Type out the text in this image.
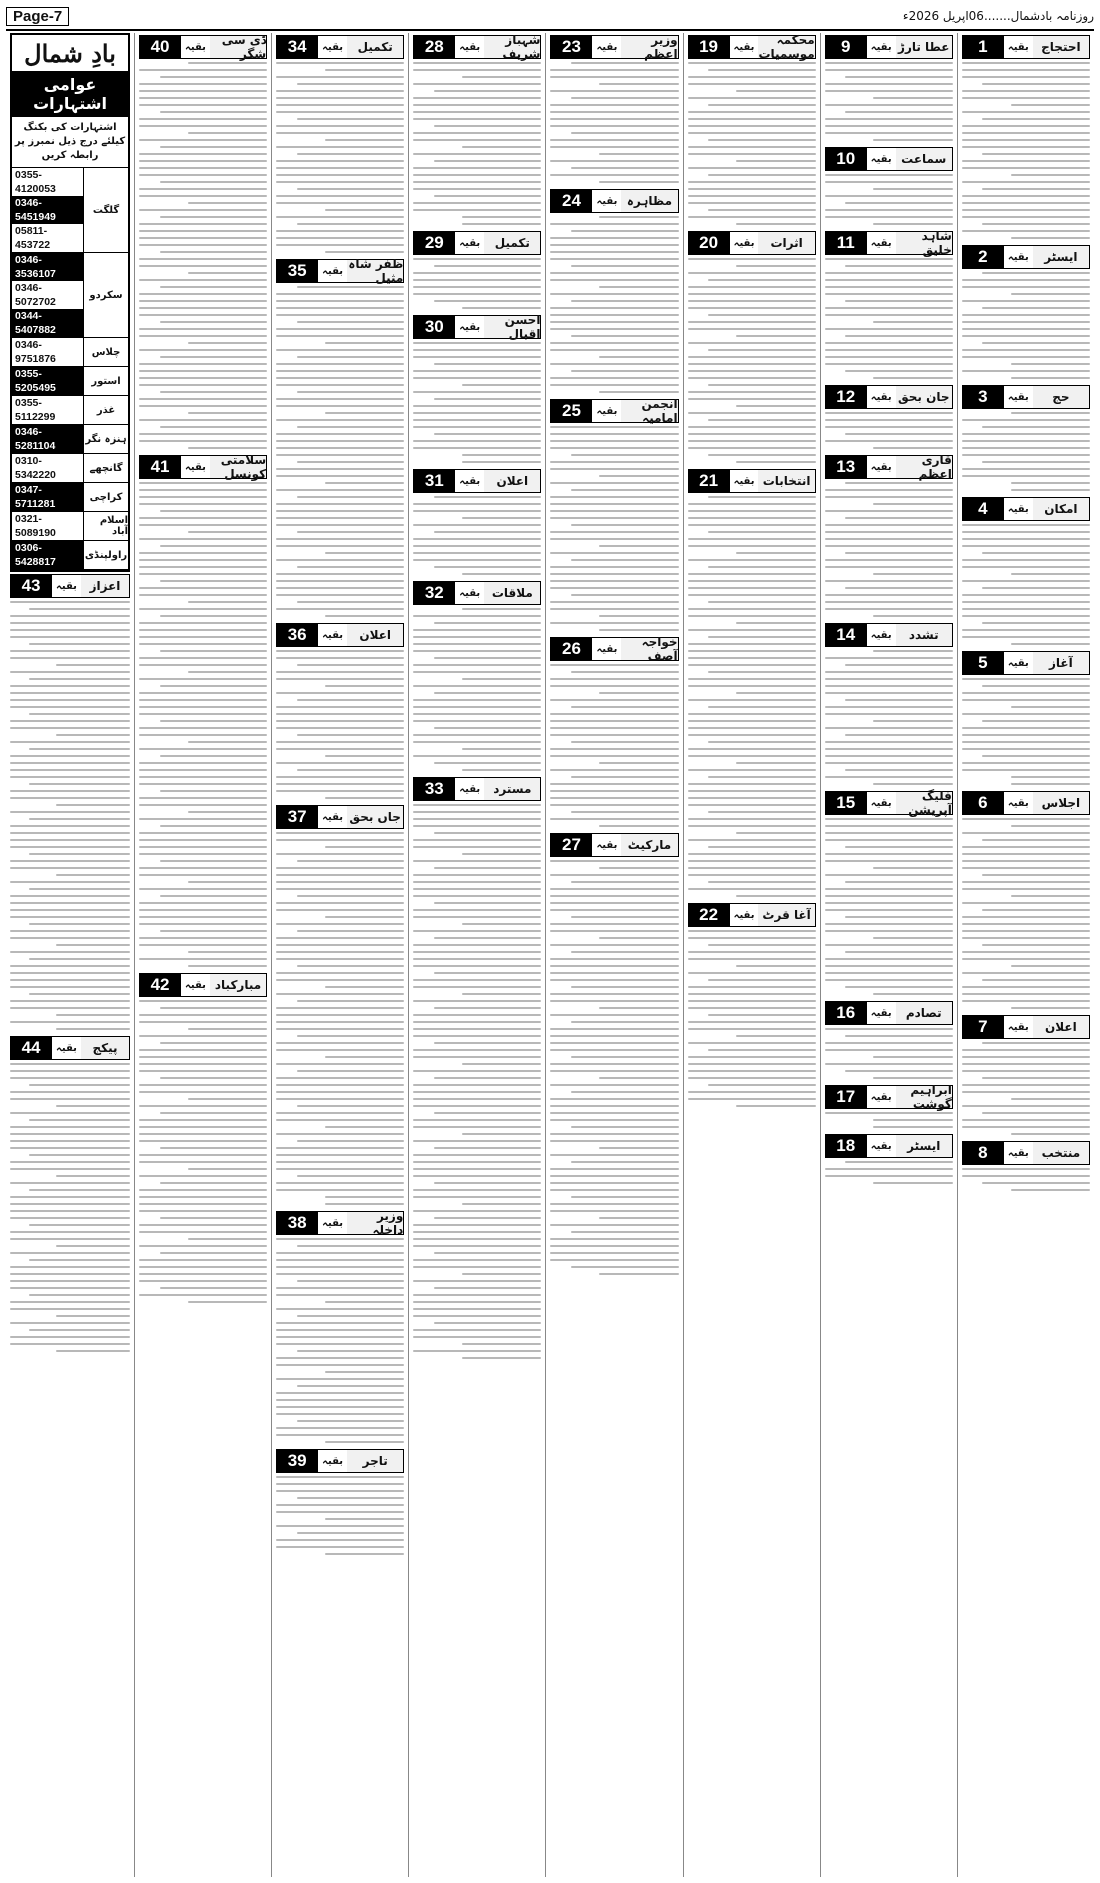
Page-7	روزنامہ بادشمال.......06اپریل 2026ء
احتجاج
بقیہ
1
ایسٹر
بقیہ
2
حج
بقیہ
3
امکان
بقیہ
4
آغاز
بقیہ
5
اجلاس
بقیہ
6
اعلان
بقیہ
7
منتخب
بقیہ
8
عطا تارڑ
بقیہ
9
سماعت
بقیہ
10
شاہد خلیق
بقیہ
11
جان بحق
بقیہ
12
قاری اعظم
بقیہ
13
تشدد
بقیہ
14
فلیگ آپریشن
بقیہ
15
تصادم
بقیہ
16
ابراہیم گوشت
بقیہ
17
ایسٹر
بقیہ
18
محکمہ موسمیات
بقیہ
19
اثرات
بقیہ
20
انتخابات
بقیہ
21
آغا قرٹ
بقیہ
22
وزیر اعظم
بقیہ
23
مظاہرہ
بقیہ
24
انجمن امامیہ
بقیہ
25
خواجہ آصف
بقیہ
26
مارکیٹ
بقیہ
27
شہباز شریف
بقیہ
28
تکمیل
بقیہ
29
احسن اقبال
بقیہ
30
اعلان
بقیہ
31
ملاقات
بقیہ
32
مسترد
بقیہ
33
تکمیل
بقیہ
34
ظفر شاہ مثیل
بقیہ
35
اعلان
بقیہ
36
جاں بحق
بقیہ
37
وزیر داخلہ
بقیہ
38
تاجر
بقیہ
39
ڈی سی شگر
بقیہ
40
سلامتی کونسل
بقیہ
41
مبارکباد
بقیہ
42
بادِ شمال
عوامی اشتہارات
اشتہارات کی بکنگ کیلئے درج ذیل نمبرز پر رابطہ کریں
گلگت
0355-4120053
0346-5451949
05811-453722
سکردو
0346-3536107
0346-5072702
0344-5407882
چلاس
0346-9751876
استور
0355-5205495
غذر
0355-5112299
ہنزہ نگر
0346-5281104
گانچھے
0310-5342220
کراچی
0347-5711281
اسلام آباد
0321-5089190
راولپنڈی
0306-5428817
اعزاز
بقیہ
43
پیکج
بقیہ
44
